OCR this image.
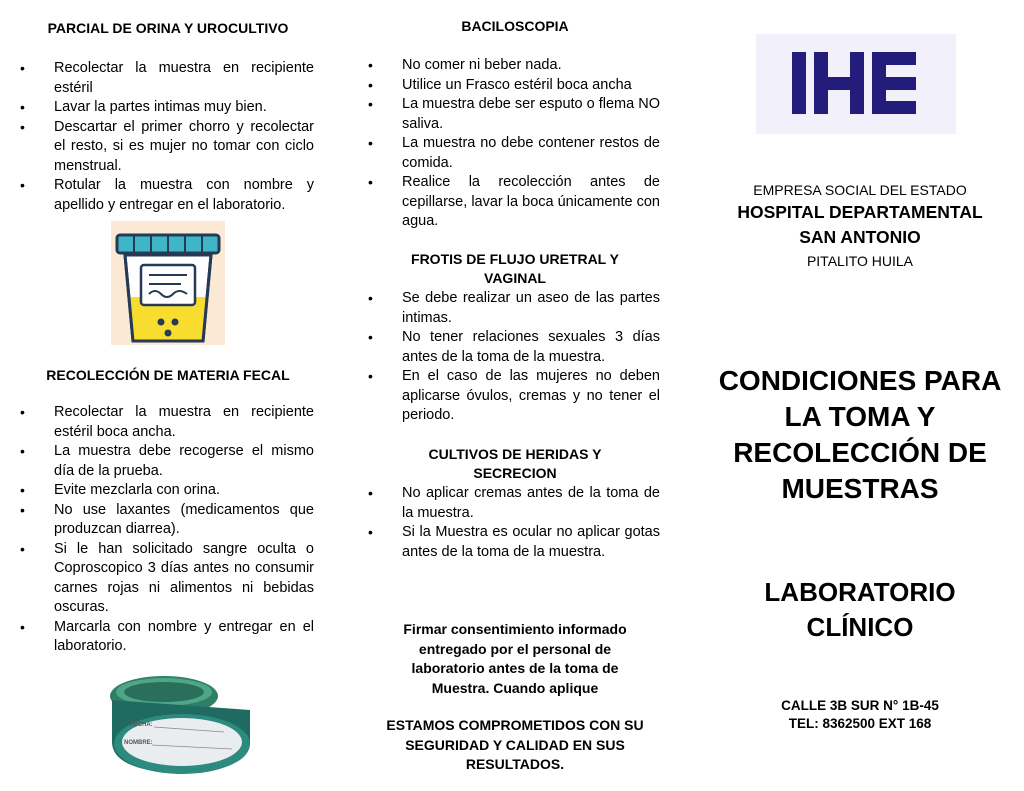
PARCIAL DE ORINA Y UROCULTIVO
• Recolectar la muestra en recipiente estéril
• Lavar la partes intimas muy bien.
• Descartar el primer chorro y recolectar el resto, si es mujer no tomar con ciclo menstrual.
• Rotular la muestra con nombre y apellido y entregar en el laboratorio.
RECOLECCIÓN DE MATERIA FECAL
• Recolectar la muestra en recipiente estéril boca ancha.
• La muestra debe recogerse el mismo día de la prueba.
• Evite mezclarla con orina.
• No use laxantes (medicamentos que produzcan diarrea).
• Si le han solicitado sangre oculta o Coproscopico 3 días antes no consumir carnes rojas ni alimentos ni bebidas oscuras.
• Marcarla con nombre y entregar en el laboratorio.
FECHA:
NOMBRE:
BACILOSCOPIA
• No comer ni beber nada.
• Utilice un Frasco estéril boca ancha
• La muestra debe ser esputo o flema NO saliva.
• La muestra no debe contener restos de comida.
• Realice la recolección antes de cepillarse, lavar la boca únicamente con agua.
FROTIS DE FLUJO URETRAL Y
VAGINAL
• Se debe realizar un aseo de las partes intimas.
• No tener relaciones sexuales 3 días antes de la toma de la muestra.
• En el caso de las mujeres no deben aplicarse óvulos, cremas y no tener el periodo.
CULTIVOS DE HERIDAS Y
SECRECION
• No aplicar cremas antes de la toma de la muestra.
• Si la Muestra es ocular no aplicar gotas antes de la toma de la muestra.

Firmar consentimiento informado entregado por el personal de laboratorio antes de la toma de Muestra. Cuando aplique

ESTAMOS COMPROMETIDOS CON SU SEGURIDAD Y CALIDAD EN SUS RESULTADOS.

EMPRESA SOCIAL DEL ESTADO
HOSPITAL DEPARTAMENTAL
SAN ANTONIO
PITALITO HUILA
CONDICIONES PARA LA TOMA Y RECOLECCIÓN DE MUESTRAS
LABORATORIO CLÍNICO
CALLE 3B SUR N° 1B-45
TEL: 8362500 EXT 168
